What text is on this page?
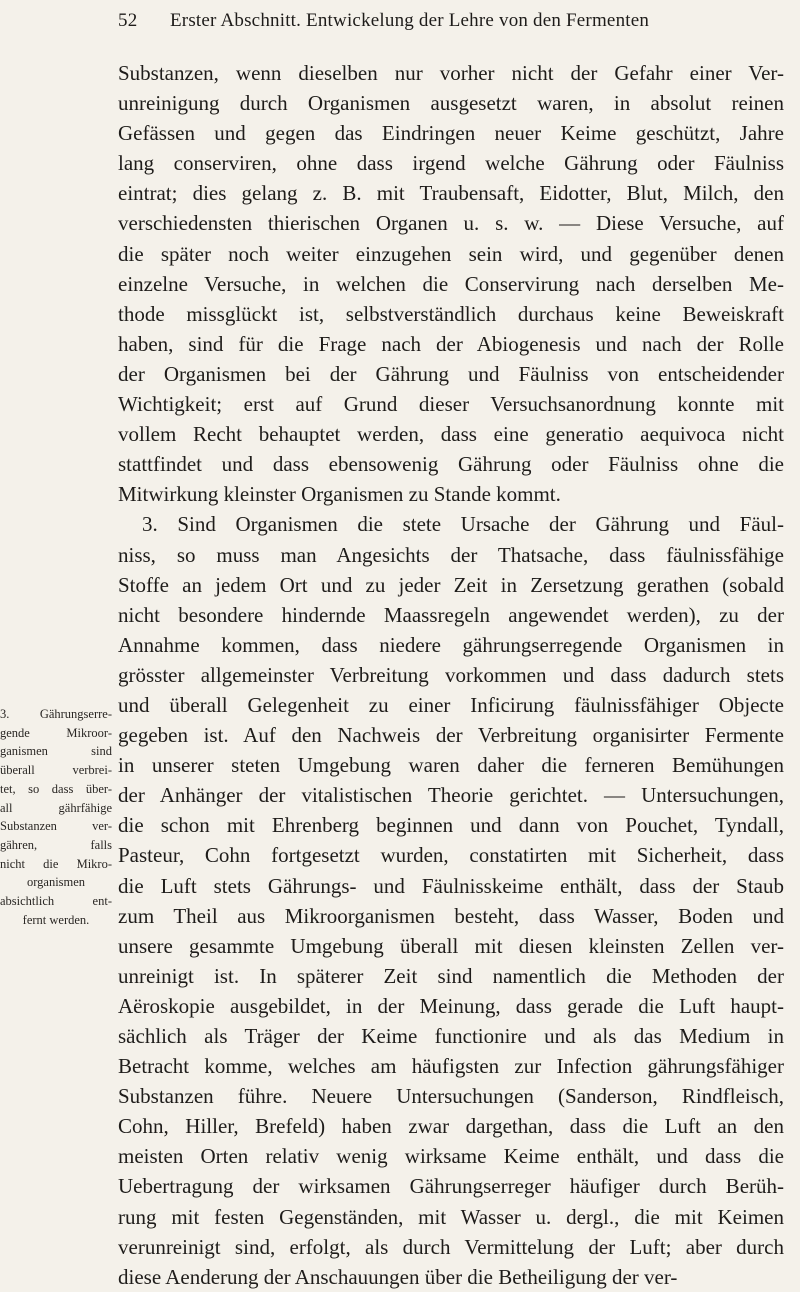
52 Erster Abschnitt. Entwickelung der Lehre von den Fermenten
Substanzen, wenn dieselben nur vorher nicht der Gefahr einer Ver-
unreinigung durch Organismen ausgesetzt waren, in absolut reinen
Gefässen und gegen das Eindringen neuer Keime geschützt, Jahre
lang conserviren, ohne dass irgend welche Gährung oder Fäulniss
eintrat; dies gelang z. B. mit Traubensaft, Eidotter, Blut, Milch, den
verschiedensten thierischen Organen u. s. w. — Diese Versuche, auf
die später noch weiter einzugehen sein wird, und gegenüber denen
einzelne Versuche, in welchen die Conservirung nach derselben Me-
thode missglückt ist, selbstverständlich durchaus keine Beweiskraft
haben, sind für die Frage nach der Abiogenesis und nach der Rolle
der Organismen bei der Gährung und Fäulniss von entscheidender
Wichtigkeit; erst auf Grund dieser Versuchsanordnung konnte mit
vollem Recht behauptet werden, dass eine generatio aequivoca nicht
stattfindet und dass ebensowenig Gährung oder Fäulniss ohne die
Mitwirkung kleinster Organismen zu Stande kommt.
3. Sind Organismen die stete Ursache der Gährung und Fäul-
niss, so muss man Angesichts der Thatsache, dass fäulnissfähige
Stoffe an jedem Ort und zu jeder Zeit in Zersetzung gerathen (sobald
nicht besondere hindernde Maassregeln angewendet werden), zu der
Annahme kommen, dass niedere gährungserregende Organismen in
grösster allgemeinster Verbreitung vorkommen und dass dadurch stets
und überall Gelegenheit zu einer Inficirung fäulnissfähiger Objecte
gegeben ist. Auf den Nachweis der Verbreitung organisirter Fermente
in unserer steten Umgebung waren daher die ferneren Bemühungen
der Anhänger der vitalistischen Theorie gerichtet. — Untersuchungen,
die schon mit Ehrenberg beginnen und dann von Pouchet, Tyndall,
Pasteur, Cohn fortgesetzt wurden, constatirten mit Sicherheit, dass
die Luft stets Gährungs- und Fäulnisskeime enthält, dass der Staub
zum Theil aus Mikroorganismen besteht, dass Wasser, Boden und
unsere gesammte Umgebung überall mit diesen kleinsten Zellen ver-
unreinigt ist. In späterer Zeit sind namentlich die Methoden der
Aëroskopie ausgebildet, in der Meinung, dass gerade die Luft haupt-
sächlich als Träger der Keime functionire und als das Medium in
Betracht komme, welches am häufigsten zur Infection gährungsfähiger
Substanzen führe. Neuere Untersuchungen (Sanderson, Rindfleisch,
Cohn, Hiller, Brefeld) haben zwar dargethan, dass die Luft an den
meisten Orten relativ wenig wirksame Keime enthält, und dass die
Uebertragung der wirksamen Gährungserreger häufiger durch Berüh-
rung mit festen Gegenständen, mit Wasser u. dergl., die mit Keimen
verunreinigt sind, erfolgt, als durch Vermittelung der Luft; aber durch
diese Aenderung der Anschauungen über die Betheiligung der ver-
3. Gährungserre-
gende Mikroor-
ganismen sind
überall verbrei-
tet, so dass über-
all gährfähige
Substanzen ver-
gähren, falls
nicht die Mikro-
organismen
absichtlich ent-
fernt werden.
